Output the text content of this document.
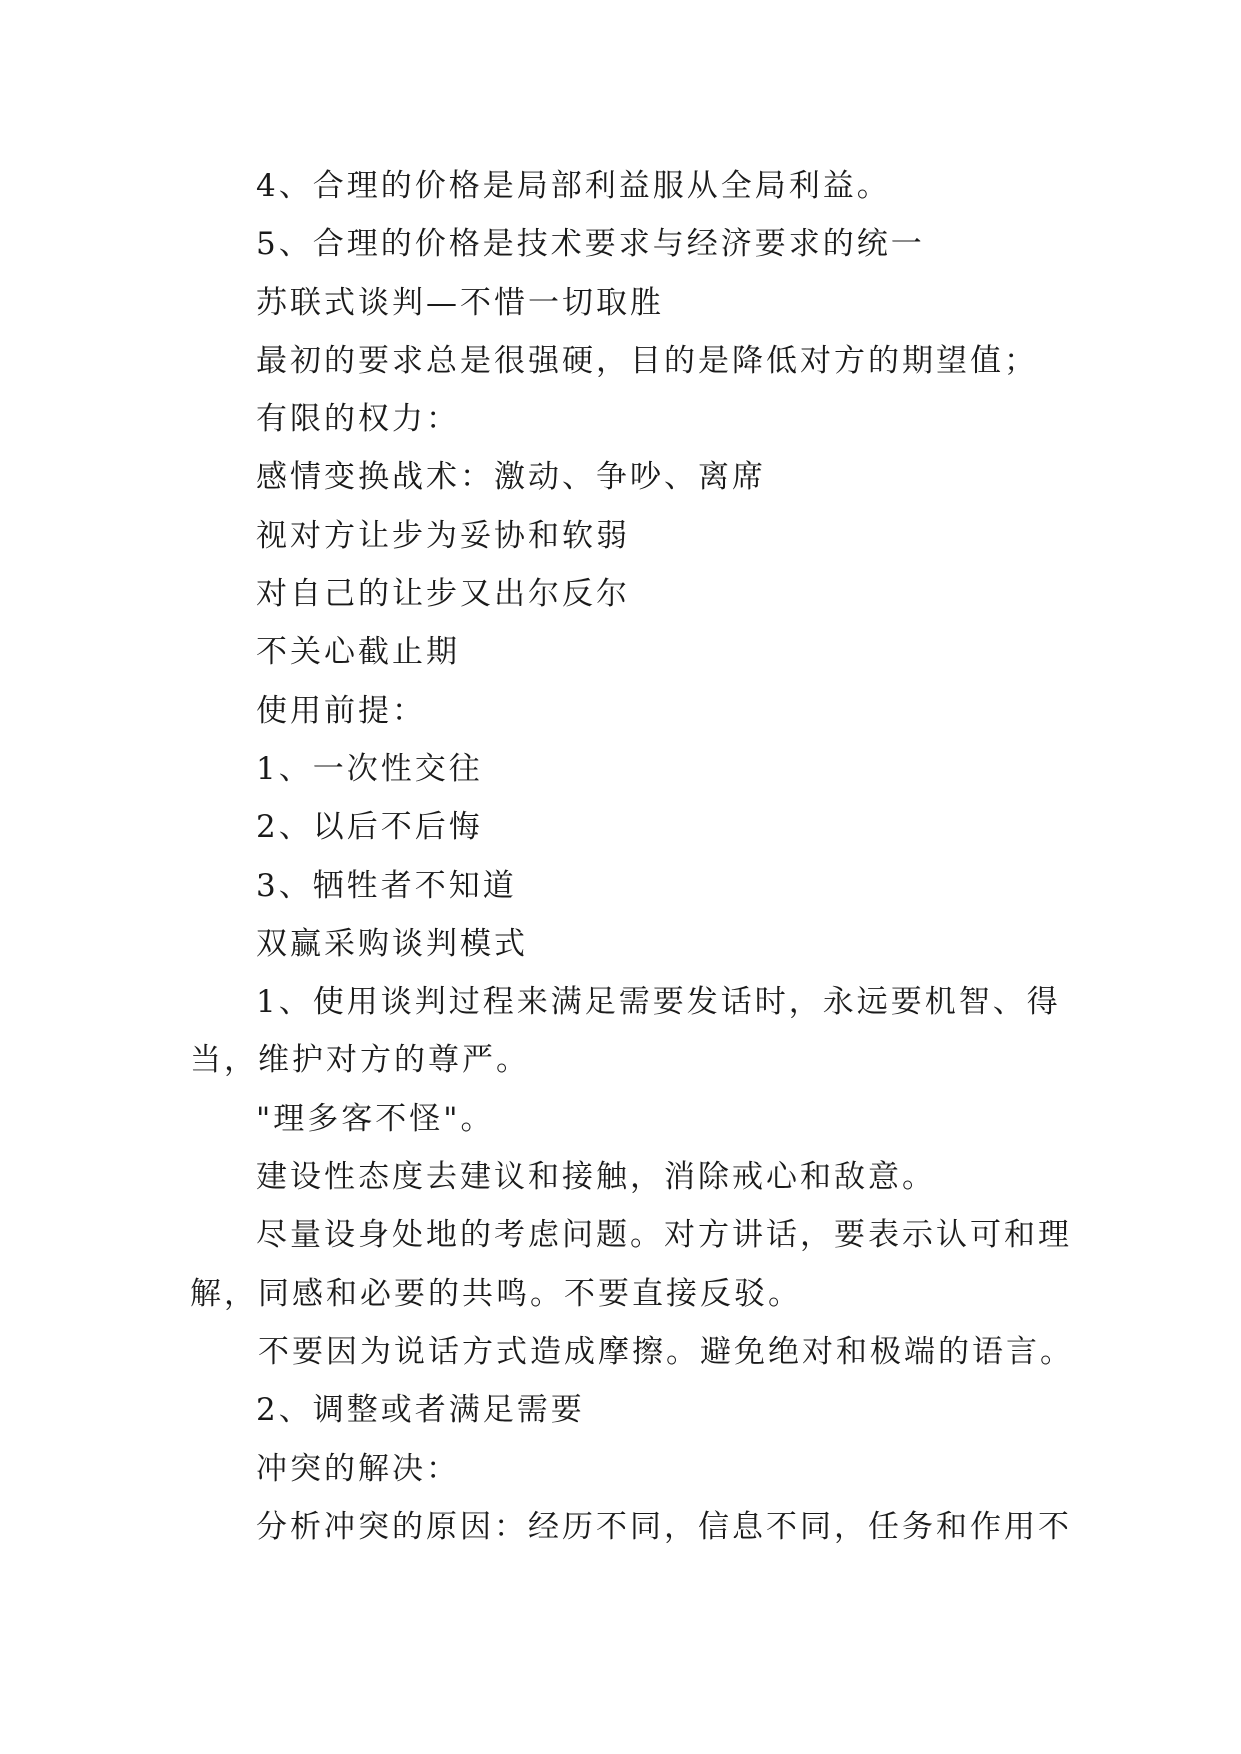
4、合理的价格是局部利益服从全局利益。
5、合理的价格是技术要求与经济要求的统一
苏联式谈判—不惜一切取胜
最初的要求总是很强硬，目的是降低对方的期望值；
有限的权力：
感情变换战术：激动、争吵、离席
视对方让步为妥协和软弱
对自己的让步又出尔反尔
不关心截止期
使用前提：
1、一次性交往
2、以后不后悔
3、牺牲者不知道
双赢采购谈判模式
1、使用谈判过程来满足需要发话时，永远要机智、得
当，维护对方的尊严。
"理多客不怪"。
建设性态度去建议和接触，消除戒心和敌意。
尽量设身处地的考虑问题。对方讲话，要表示认可和理
解，同感和必要的共鸣。不要直接反驳。
不要因为说话方式造成摩擦。避免绝对和极端的语言。
2、调整或者满足需要
冲突的解决：
分析冲突的原因：经历不同，信息不同，任务和作用不
